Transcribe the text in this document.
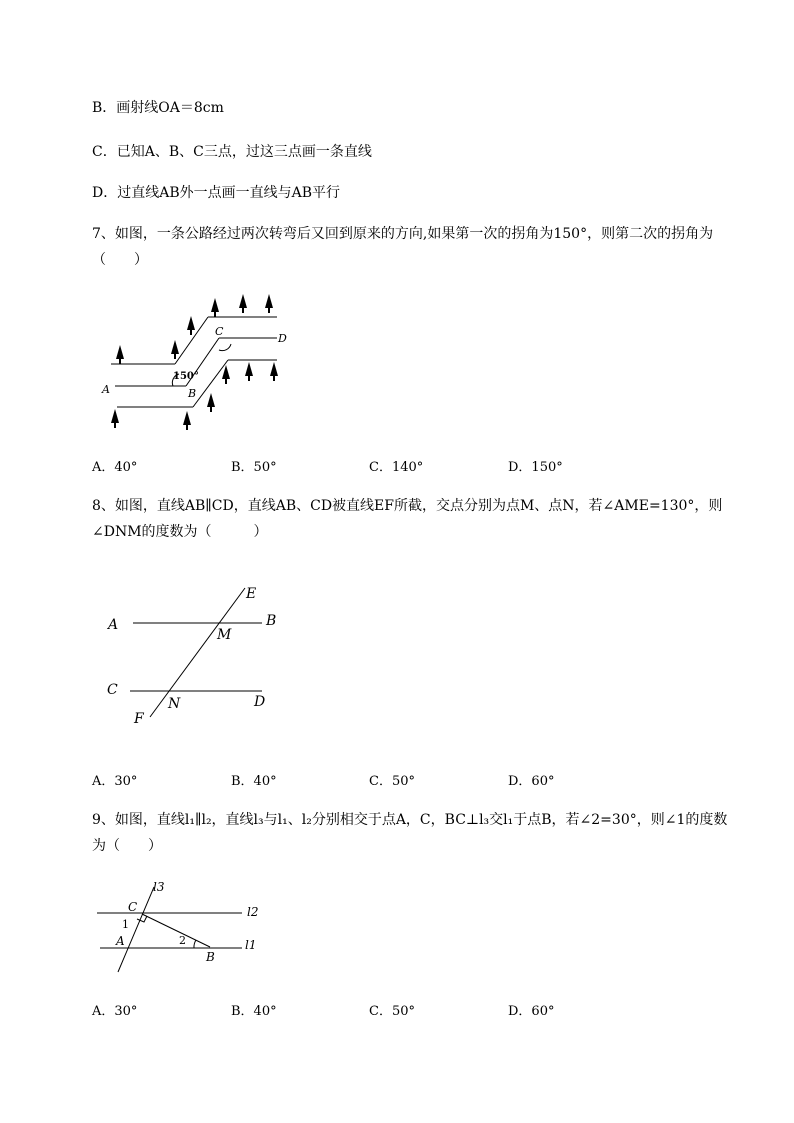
B．画射线OA＝8cm
C．已知A、B、C三点，过这三点画一条直线
D．过直线AB外一点画一直线与AB平行
7、如图，一条公路经过两次转弯后又回到原来的方向,如果第一次的拐角为150°，则第二次的拐角为（　　）
A	B
C
D
150°
A．40°	B．50°	C．140°	D．150°
8、如图，直线AB∥CD，直线AB、CD被直线EF所截，交点分别为点M、点N，若∠AME=130°，则∠DNM的度数为（　　　）
A	B
C
D
E
F
M
N
A．30°	B．40°	C．50°	D．60°
9、如图，直线l₁∥l₂，直线l₃与l₁、l₂分别相交于点A，C，BC⊥l₃交l₁于点B，若∠2=30°，则∠1的度数为（　　）
l3
l2
l1
C
A
B
1
2
A．30°	B．40°	C．50°	D．60°
